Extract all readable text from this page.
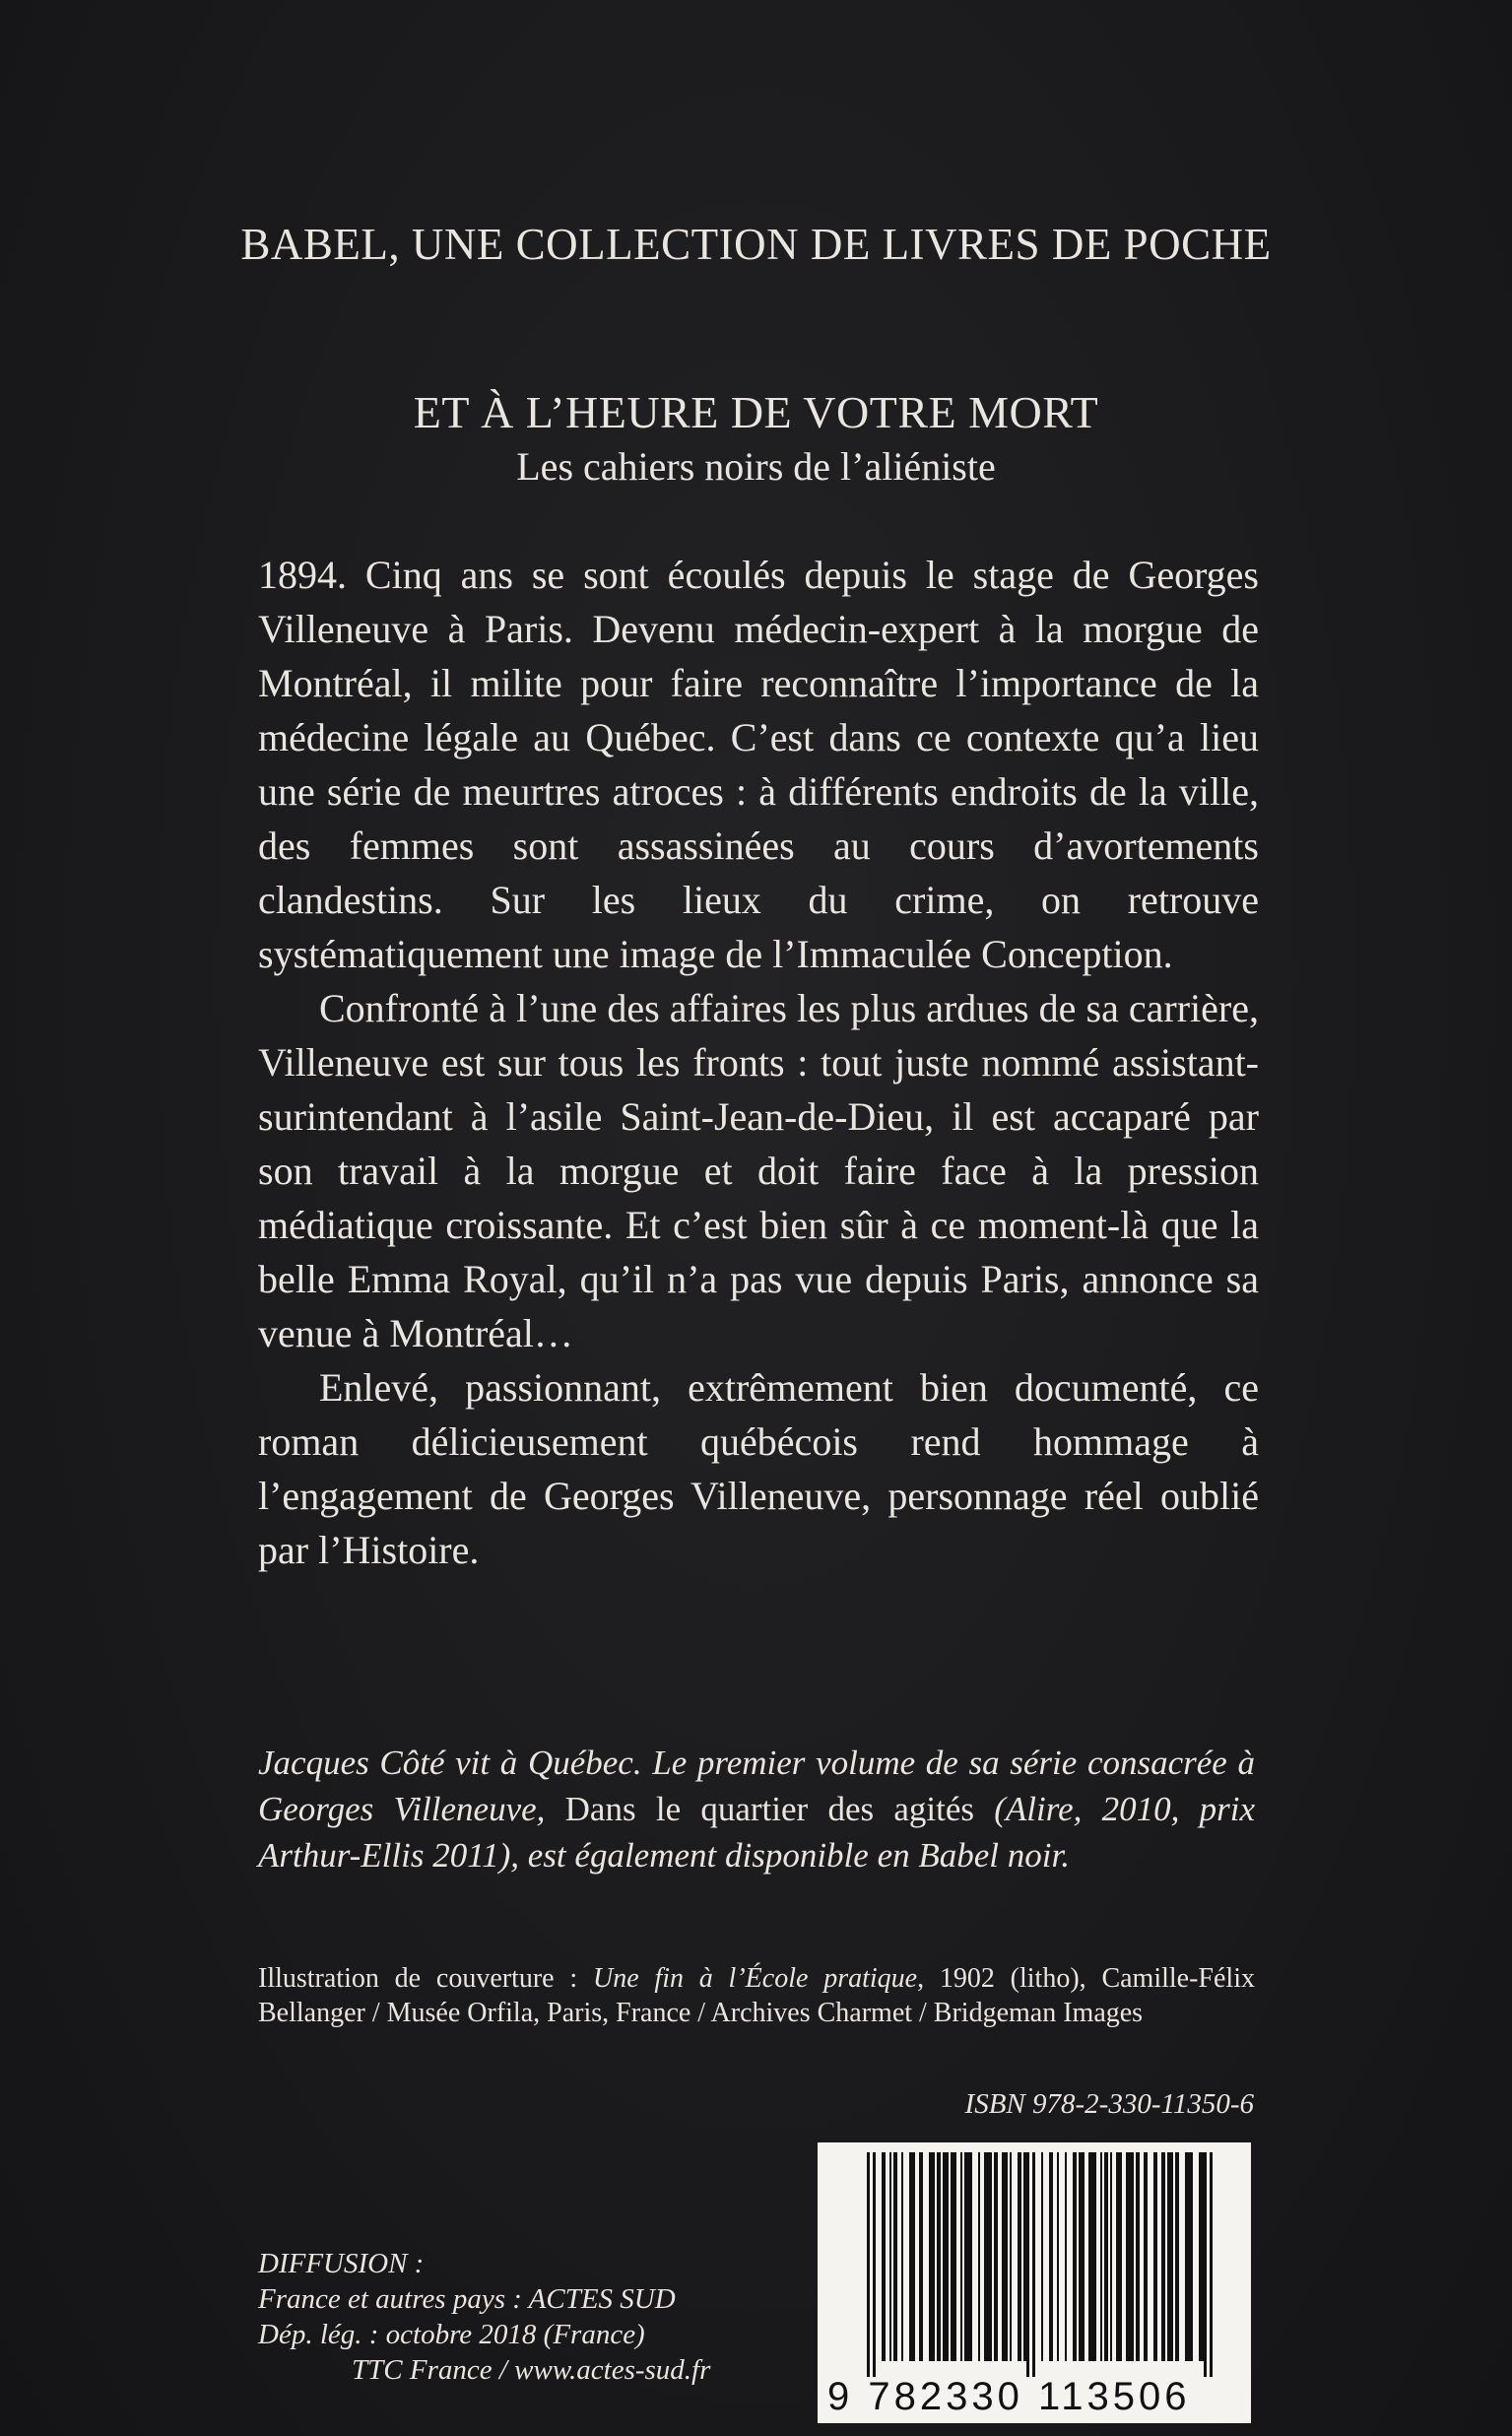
BABEL, UNE COLLECTION DE LIVRES DE POCHE
ET À L’HEURE DE VOTRE MORT
Les cahiers noirs de l’aliéniste

1894. Cinq ans se sont écoulés depuis le stage de Georges Villeneuve à Paris. Devenu médecin-expert à la morgue de Montréal, il milite pour faire reconnaître l’importance de la médecine légale au Québec. C’est dans ce contexte qu’a lieu une série de meurtres atroces : à différents endroits de la ville, des femmes sont assassinées au cours d’avortements clandestins. Sur les lieux du crime, on retrouve systématiquement une image de l’Immaculée Conception.

Confronté à l’une des affaires les plus ardues de sa carrière, Villeneuve est sur tous les fronts : tout juste nommé assistant-surintendant à l’asile Saint-Jean-de-Dieu, il est accaparé par son travail à la morgue et doit faire face à la pression médiatique croissante. Et c’est bien sûr à ce moment-là que la belle Emma Royal, qu’il n’a pas vue depuis Paris, annonce sa venue à Montréal…

Enlevé, passionnant, extrêmement bien documenté, ce roman délicieusement québécois rend hommage à l’engagement de Georges Villeneuve, personnage réel oublié par l’Histoire.

Jacques Côté vit à Québec. Le premier volume de sa série consacrée à Georges Villeneuve, Dans le quartier des agités (Alire, 2010, prix Arthur-Ellis 2011), est également disponible en Babel noir.
Illustration de couverture : Une fin à l’École pratique, 1902 (litho), Camille-Félix Bellanger / Musée Orfila, Paris, France / Archives Charmet / Bridgeman Images
ISBN 978-2-330-11350-6
9 782330 113506
DIFFUSION :
France et autres pays : ACTES SUD
Dép. lég. : octobre 2018 (France)

TTC France / www.actes-sud.fr
